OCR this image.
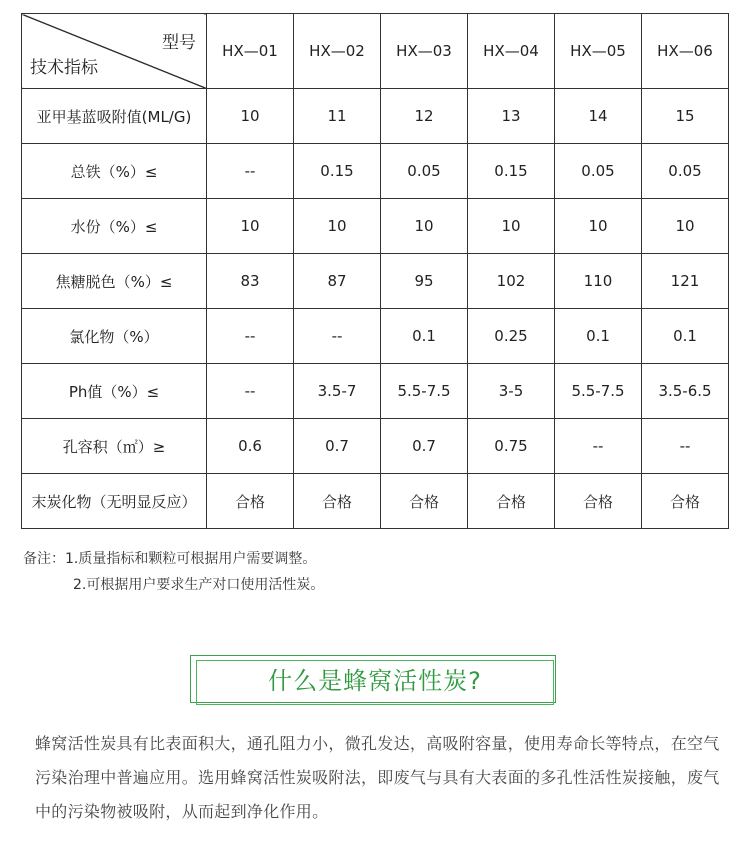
型号
技术指标	HX—01	HX—02	HX—03	HX—04	HX—05	HX—06
亚甲基蓝吸附值(ML/G)	10	11	12	13	14	15
总铁（%）≤	--	0.15	0.05	0.15	0.05	0.05
水份（%）≤	10	10	10	10	10	10
焦糖脱色（%）≤	83	87	95	102	110	121
氯化物（%）	--	--	0.1	0.25	0.1	0.1
Ph值（%）≤	--	3.5-7	5.5-7.5	3-5	5.5-7.5	3.5-6.5
孔容积（㎡）≥	0.6	0.7	0.7	0.75	--	--
末炭化物（无明显反应）	合格	合格	合格	合格	合格	合格
备注：1.质量指标和颗粒可根据用户需要调整。
2.可根据用户要求生产对口使用活性炭。
什么是蜂窝活性炭?
蜂窝活性炭具有比表面积大，通孔阻力小，微孔发达，高吸附容量，使用寿命长等特点，在空气污染治理中普遍应用。选用蜂窝活性炭吸附法，即废气与具有大表面的多孔性活性炭接触，废气中的污染物被吸附，从而起到净化作用。
